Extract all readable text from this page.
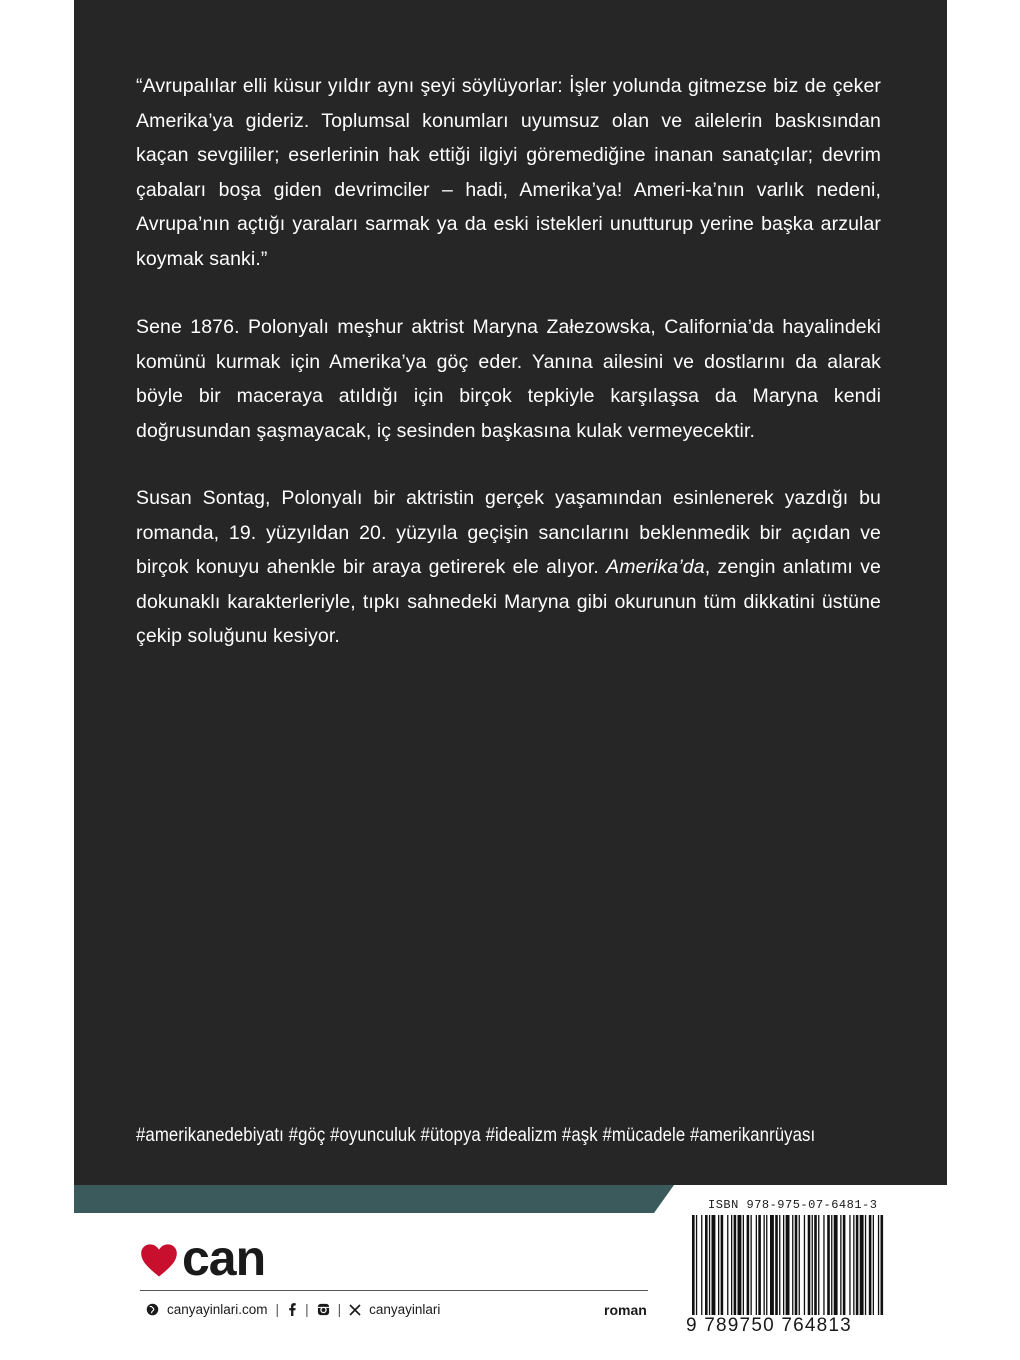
“Avrupalılar elli küsur yıldır aynı şeyi söylüyorlar: İşler yolunda gitmezse biz de çeker Amerika’ya gideriz. Toplumsal konumları uyumsuz olan ve ailelerin baskısından kaçan sevgililer; eserlerinin hak ettiği ilgiyi göremediğine inanan sanatçılar; devrim çabaları boşa giden devrimciler – hadi, Amerika’ya! Ameri-ka’nın varlık nedeni, Avrupa’nın açtığı yaraları sarmak ya da eski istekleri unutturup yerine başka arzular koymak sanki.”
Sene 1876. Polonyalı meşhur aktrist Maryna Załezowska, California’da hayalindeki komünü kurmak için Amerika’ya göç eder. Yanına ailesini ve dostlarını da alarak böyle bir maceraya atıldığı için birçok tepkiyle karşılaşsa da Maryna kendi doğrusundan şaşmayacak, iç sesinden başkasına kulak vermeyecektir.
Susan Sontag, Polonyalı bir aktristin gerçek yaşamından esinlenerek yazdığı bu romanda, 19. yüzyıldan 20. yüzyıla geçişin sancılarını beklenmedik bir açıdan ve birçok konuyu ahenkle bir araya getirerek ele alıyor. Amerika’da, zengin anlatımı ve dokunaklı karakterleriyle, tıpkı sahnedeki Maryna gibi okurunun tüm dikkatini üstüne çekip soluğunu kesiyor.
#amerikanedebiyatı #göç #oyunculuk #ütopya #idealizm #aşk #mücadele #amerikanrüyası
can
canyayinlari.com | | | canyayinlari	roman
ISBN 978-975-07-6481-3
9 789750 764813
